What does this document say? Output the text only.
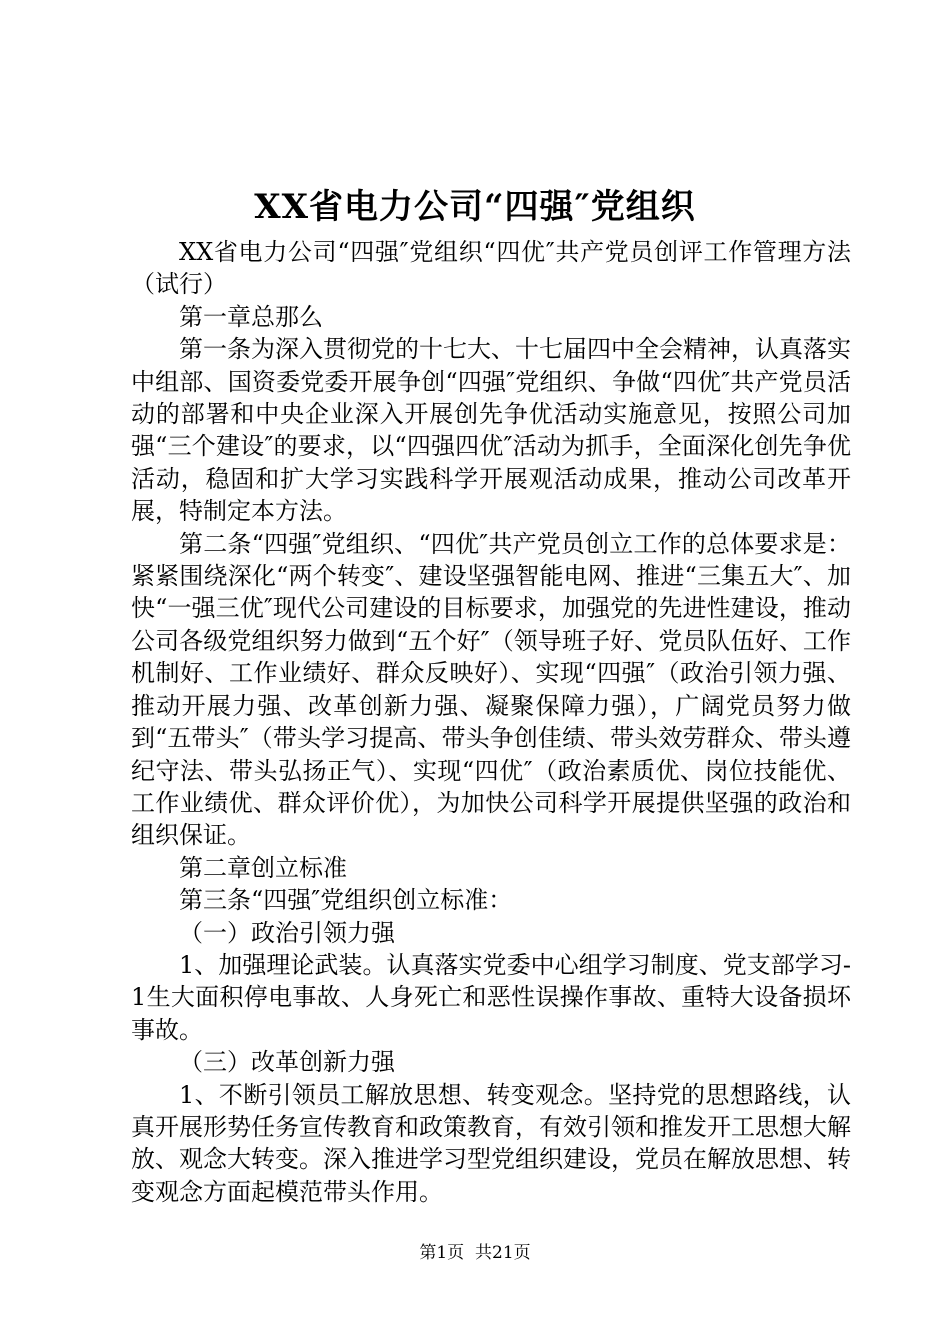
XX省电力公司“四强″党组织

XX省电力公司“四强″党组织“四优″共产党员创评工作管理方法（试行）

第一章总那么

第一条为深入贯彻党的十七大、十七届四中全会精神，认真落实中组部、国资委党委开展争创“四强″党组织、争做“四优″共产党员活动的部署和中央企业深入开展创先争优活动实施意见，按照公司加强“三个建设″的要求，以“四强四优″活动为抓手，全面深化创先争优活动，稳固和扩大学习实践科学开展观活动成果，推动公司改革开展，特制定本方法。

第二条“四强″党组织、“四优″共产党员创立工作的总体要求是：紧紧围绕深化“两个转变″、建设坚强智能电网、推进“三集五大″、加快“一强三优″现代公司建设的目标要求，加强党的先进性建设，推动公司各级党组织努力做到“五个好″（领导班子好、党员队伍好、工作机制好、工作业绩好、群众反映好）、实现“四强″（政治引领力强、推动开展力强、改革创新力强、凝聚保障力强），广阔党员努力做到“五带头″（带头学习提高、带头争创佳绩、带头效劳群众、带头遵纪守法、带头弘扬正气）、实现“四优″（政治素质优、岗位技能优、工作业绩优、群众评价优），为加快公司科学开展提供坚强的政治和组织保证。

第二章创立标准

第三条“四强″党组织创立标准：

（一）政治引领力强

1、加强理论武装。认真落实党委中心组学习制度、党支部学习-1生大面积停电事故、人身死亡和恶性误操作事故、重特大设备损坏事故。

（三）改革创新力强

1、不断引领员工解放思想、转变观念。坚持党的思想路线，认真开展形势任务宣传教育和政策教育，有效引领和推发开工思想大解放、观念大转变。深入推进学习型党组织建设，党员在解放思想、转变观念方面起模范带头作用。

第1页 共21页
